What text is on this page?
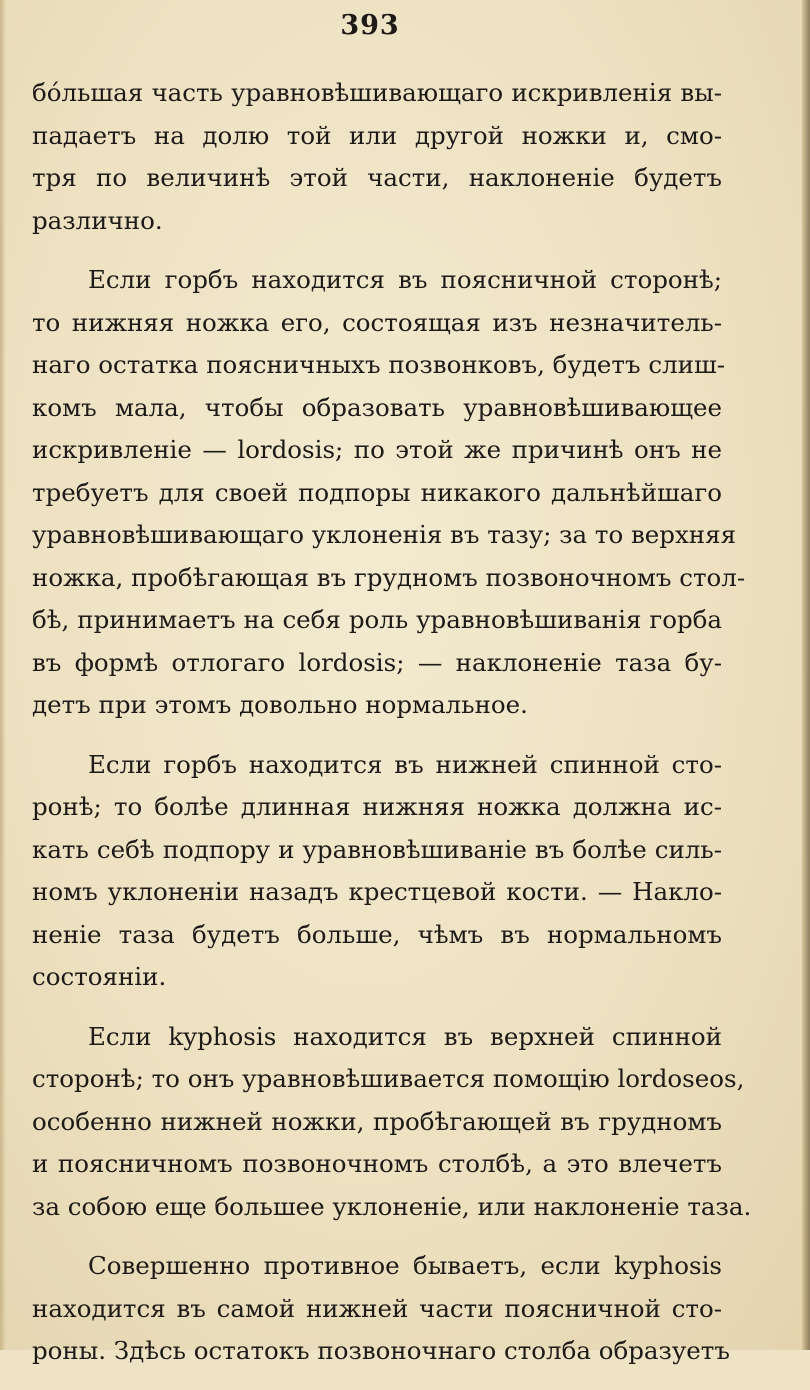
393
бо́льшая часть уравновѣшивающаго искривленія вы-
падаетъ на долю той или другой ножки и, смо-
тря по величинѣ этой части, наклоненіе будетъ
различно.
Если горбъ находится въ поясничной сторонѣ;
то нижняя ножка его, состоящая изъ незначитель-
наго остатка поясничныхъ позвонковъ, будетъ слиш-
комъ мала, чтобы образовать уравновѣшивающее
искривленіе — lordosis; по этой же причинѣ онъ не
требуетъ для своей подпоры никакого дальнѣйшаго
уравновѣшивающаго уклоненія въ тазу; за то верхняя
ножка, пробѣгающая въ грудномъ позвоночномъ стол-
бѣ, принимаетъ на себя роль уравновѣшиванія горба
въ формѣ отлогаго lordosis; — наклоненіе таза бу-
детъ при этомъ довольно нормальное.
Если горбъ находится въ нижней спинной сто-
ронѣ; то болѣе длинная нижняя ножка должна ис-
кать себѣ подпору и уравновѣшиваніе въ болѣе силь-
номъ уклоненіи назадъ крестцевой кости. — Накло-
неніе таза будетъ больше, чѣмъ въ нормальномъ
состояніи.
Если kyphosis находится въ верхней спинной
сторонѣ; то онъ уравновѣшивается помощію lordoseos,
особенно нижней ножки, пробѣгающей въ грудномъ
и поясничномъ позвоночномъ столбѣ, а это влечетъ
за собою еще большее уклоненіе, или наклоненіе таза.
Совершенно противное бываетъ, если kyphosis
находится въ самой нижней части поясничной сто-
роны. Здѣсь остатокъ позвоночнаго столба образуетъ
